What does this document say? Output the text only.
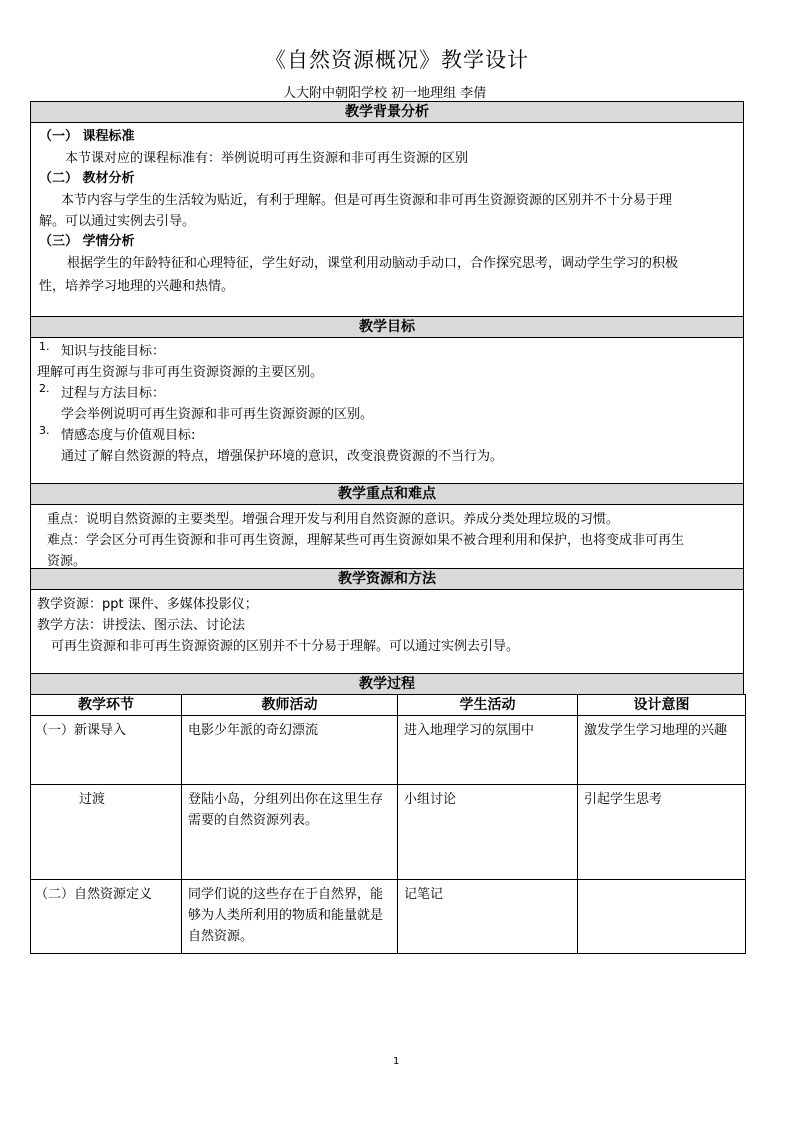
《自然资源概况》教学设计
人大附中朝阳学校 初一地理组 李倩
教学背景分析
（一） 课程标准
本节课对应的课程标准有：举例说明可再生资源和非可再生资源的区别
（二） 教材分析
本节内容与学生的生活较为贴近，有利于理解。但是可再生资源和非可再生资源资源的区别并不十分易于理
解。可以通过实例去引导。
（三） 学情分析
根据学生的年龄特征和心理特征，学生好动，课堂利用动脑动手动口，合作探究思考，调动学生学习的积极
性，培养学习地理的兴趣和热情。
教学目标
1. 知识与技能目标：
理解可再生资源与非可再生资源资源的主要区别。
2. 过程与方法目标：
学会举例说明可再生资源和非可再生资源资源的区别。
3. 情感态度与价值观目标:
通过了解自然资源的特点，增强保护环境的意识，改变浪费资源的不当行为。
教学重点和难点
重点：说明自然资源的主要类型。增强合理开发与利用自然资源的意识。养成分类处理垃圾的习惯。
难点：学会区分可再生资源和非可再生资源，理解某些可再生资源如果不被合理利用和保护，也将变成非可再生
资源。
教学资源和方法
教学资源：ppt 课件、多媒体投影仪；
教学方法：讲授法、图示法、讨论法
可再生资源和非可再生资源资源的区别并不十分易于理解。可以通过实例去引导。
教学过程
教学环节	教师活动	学生活动	设计意图

（一）新课导入	电影少年派的奇幻漂流	进入地理学习的氛围中	激发学生学习地理的兴趣

过渡	登陆小岛，分组列出你在这里生存需要的自然资源列表。	小组讨论	引起学生思考

（二）自然资源定义	同学们说的这些存在于自然界，能够为人类所利用的物质和能量就是自然资源。	记笔记	

1
